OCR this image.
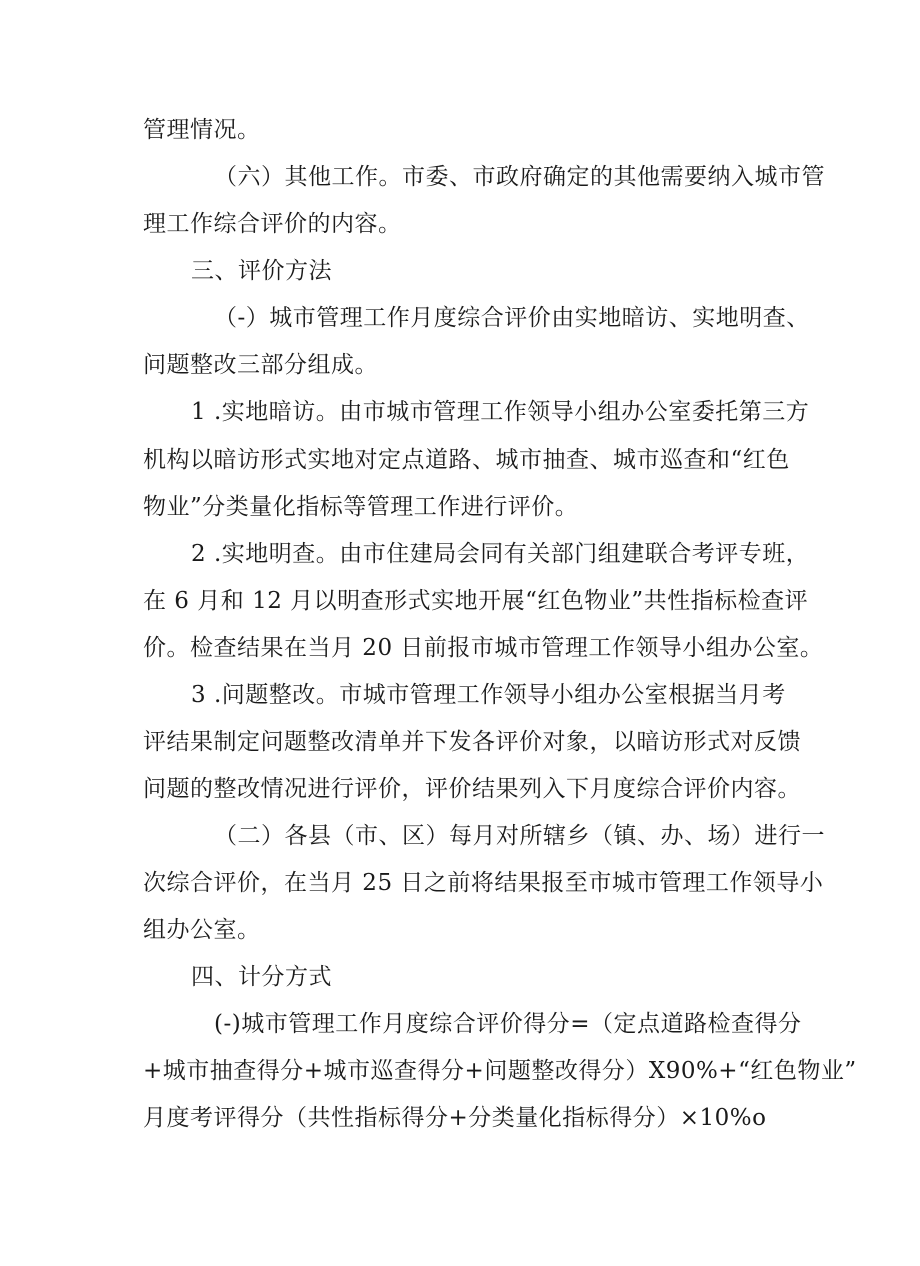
管理情况。
（六）其他工作。市委、市政府确定的其他需要纳入城市管
理工作综合评价的内容。
三、评价方法
（-）城市管理工作月度综合评价由实地暗访、实地明查、
问题整改三部分组成。
1 .实地暗访。由市城市管理工作领导小组办公室委托第三方
机构以暗访形式实地对定点道路、城市抽查、城市巡查和“红色
物业”分类量化指标等管理工作进行评价。
2 .实地明查。由市住建局会同有关部门组建联合考评专班，
在 6 月和 12 月以明查形式实地开展“红色物业”共性指标检查评
价。检查结果在当月 20 日前报市城市管理工作领导小组办公室。
3 .问题整改。市城市管理工作领导小组办公室根据当月考
评结果制定问题整改清单并下发各评价对象，以暗访形式对反馈
问题的整改情况进行评价，评价结果列入下月度综合评价内容。
（二）各县（市、区）每月对所辖乡（镇、办、场）进行一
次综合评价，在当月 25 日之前将结果报至市城市管理工作领导小
组办公室。
四、计分方式
(-)城市管理工作月度综合评价得分=（定点道路检查得分
+城市抽查得分+城市巡查得分+问题整改得分）X90%+“红色物业”
月度考评得分（共性指标得分+分类量化指标得分）×10%o
